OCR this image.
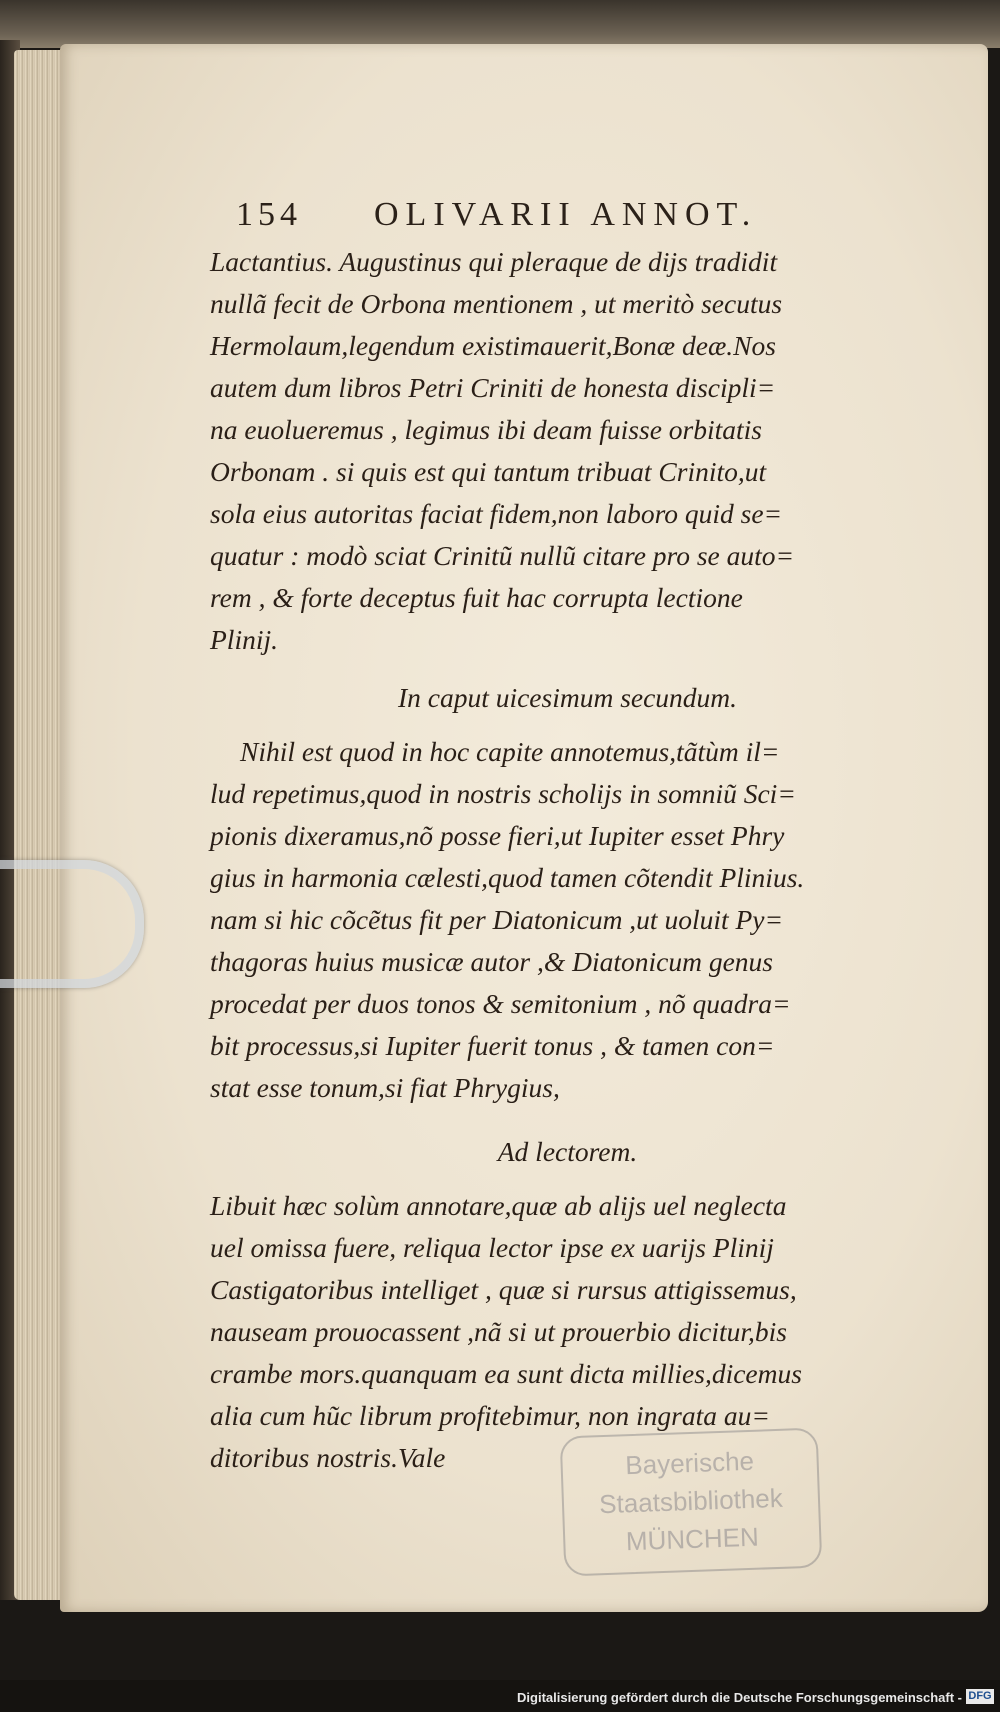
154 OLIVARII ANNOT.
Lactantius. Augustinus qui pleraque de dijs tradidit
nullã fecit de Orbona mentionem , ut meritò secutus
Hermolaum,legendum existimauerit,Bonæ deæ.Nos
autem dum libros Petri Criniti de honesta discipli=
na euolueremus , legimus ibi deam fuisse orbitatis
Orbonam . si quis est qui tantum tribuat Crinito,ut
sola eius autoritas faciat fidem,non laboro quid se=
quatur : modò sciat Crinitũ nullũ citare pro se auto=
rem , & forte deceptus fuit hac corrupta lectione
Plinij.
In caput uicesimum secundum.
Nihil est quod in hoc capite annotemus,tãtùm il=
lud repetimus,quod in nostris scholijs in somniũ Sci=
pionis dixeramus,nõ posse fieri,ut Iupiter esset Phry
gius in harmonia cælesti,quod tamen cõtendit Plinius.
nam si hic cõcẽtus fit per Diatonicum ,ut uoluit Py=
thagoras huius musicæ autor ,& Diatonicum genus
procedat per duos tonos & semitonium , nõ quadra=
bit processus,si Iupiter fuerit tonus , & tamen con=
stat esse tonum,si fiat Phrygius,
Ad lectorem.
Libuit hæc solùm annotare,quæ ab alijs uel neglecta
uel omissa fuere, reliqua lector ipse ex uarijs Plinij
Castigatoribus intelliget , quæ si rursus attigissemus,
nauseam prouocassent ,nã si ut prouerbio dicitur,bis
crambe mors.quanquam ea sunt dicta millies,dicemus
alia cum hũc librum profitebimur, non ingrata au=
ditoribus nostris.Vale	Bayerische
Staatsbibliothek
MÜNCHEN
Digitalisierung gefördert durch die Deutsche Forschungsgemeinschaft - DFG
